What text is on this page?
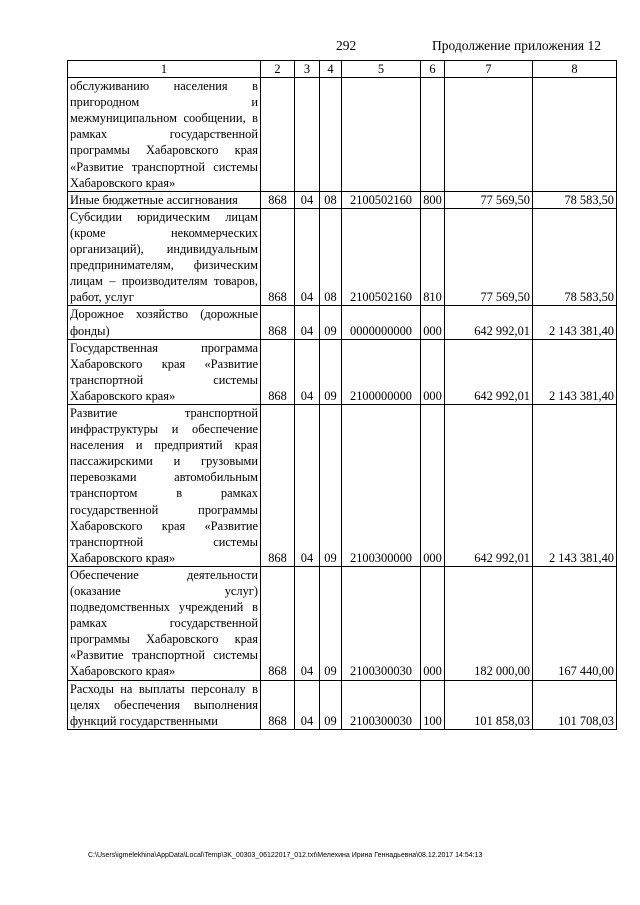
292	Продолжение приложения 12
1	2	3	4	5	6	7	8
обслуживанию населения в пригородном и межмуниципальном сообщении, в рамках государственной программы Хабаровского края «Развитие транспортной системы Хабаровского края»							
Иные бюджетные ассигнования	868	04	08	2100502160	800	77 569,50	78 583,50
Субсидии юридическим лицам (кроме некоммерческих организаций), индивидуальным предпринимателям, физическим лицам – производителям товаров, работ, услуг	868	04	08	2100502160	810	77 569,50	78 583,50
Дорожное хозяйство (дорожные фонды)	868	04	09	0000000000	000	642 992,01	2 143 381,40
Государственная программа Хабаровского края «Развитие транспортной системы Хабаровского края»	868	04	09	2100000000	000	642 992,01	2 143 381,40
Развитие транспортной инфраструктуры и обеспечение населения и предприятий края пассажирскими и грузовыми перевозками автомобильным транспортом в рамках государственной программы Хабаровского края «Развитие транспортной системы Хабаровского края»	868	04	09	2100300000	000	642 992,01	2 143 381,40
Обеспечение деятельности (оказание услуг) подведомственных учреждений в рамках государственной программы Хабаровского края «Развитие транспортной системы Хабаровского края»	868	04	09	2100300030	000	182 000,00	167 440,00
Расходы на выплаты персоналу в целях обеспечения выполнения функций государственными	868	04	09	2100300030	100	101 858,03	101 708,03
C:\Users\igmelekhina\AppData\Local\Temp\3K_00303_06122017_012.txt\Мелехина Ирина Геннадьевна\08.12.2017 14:54:13
